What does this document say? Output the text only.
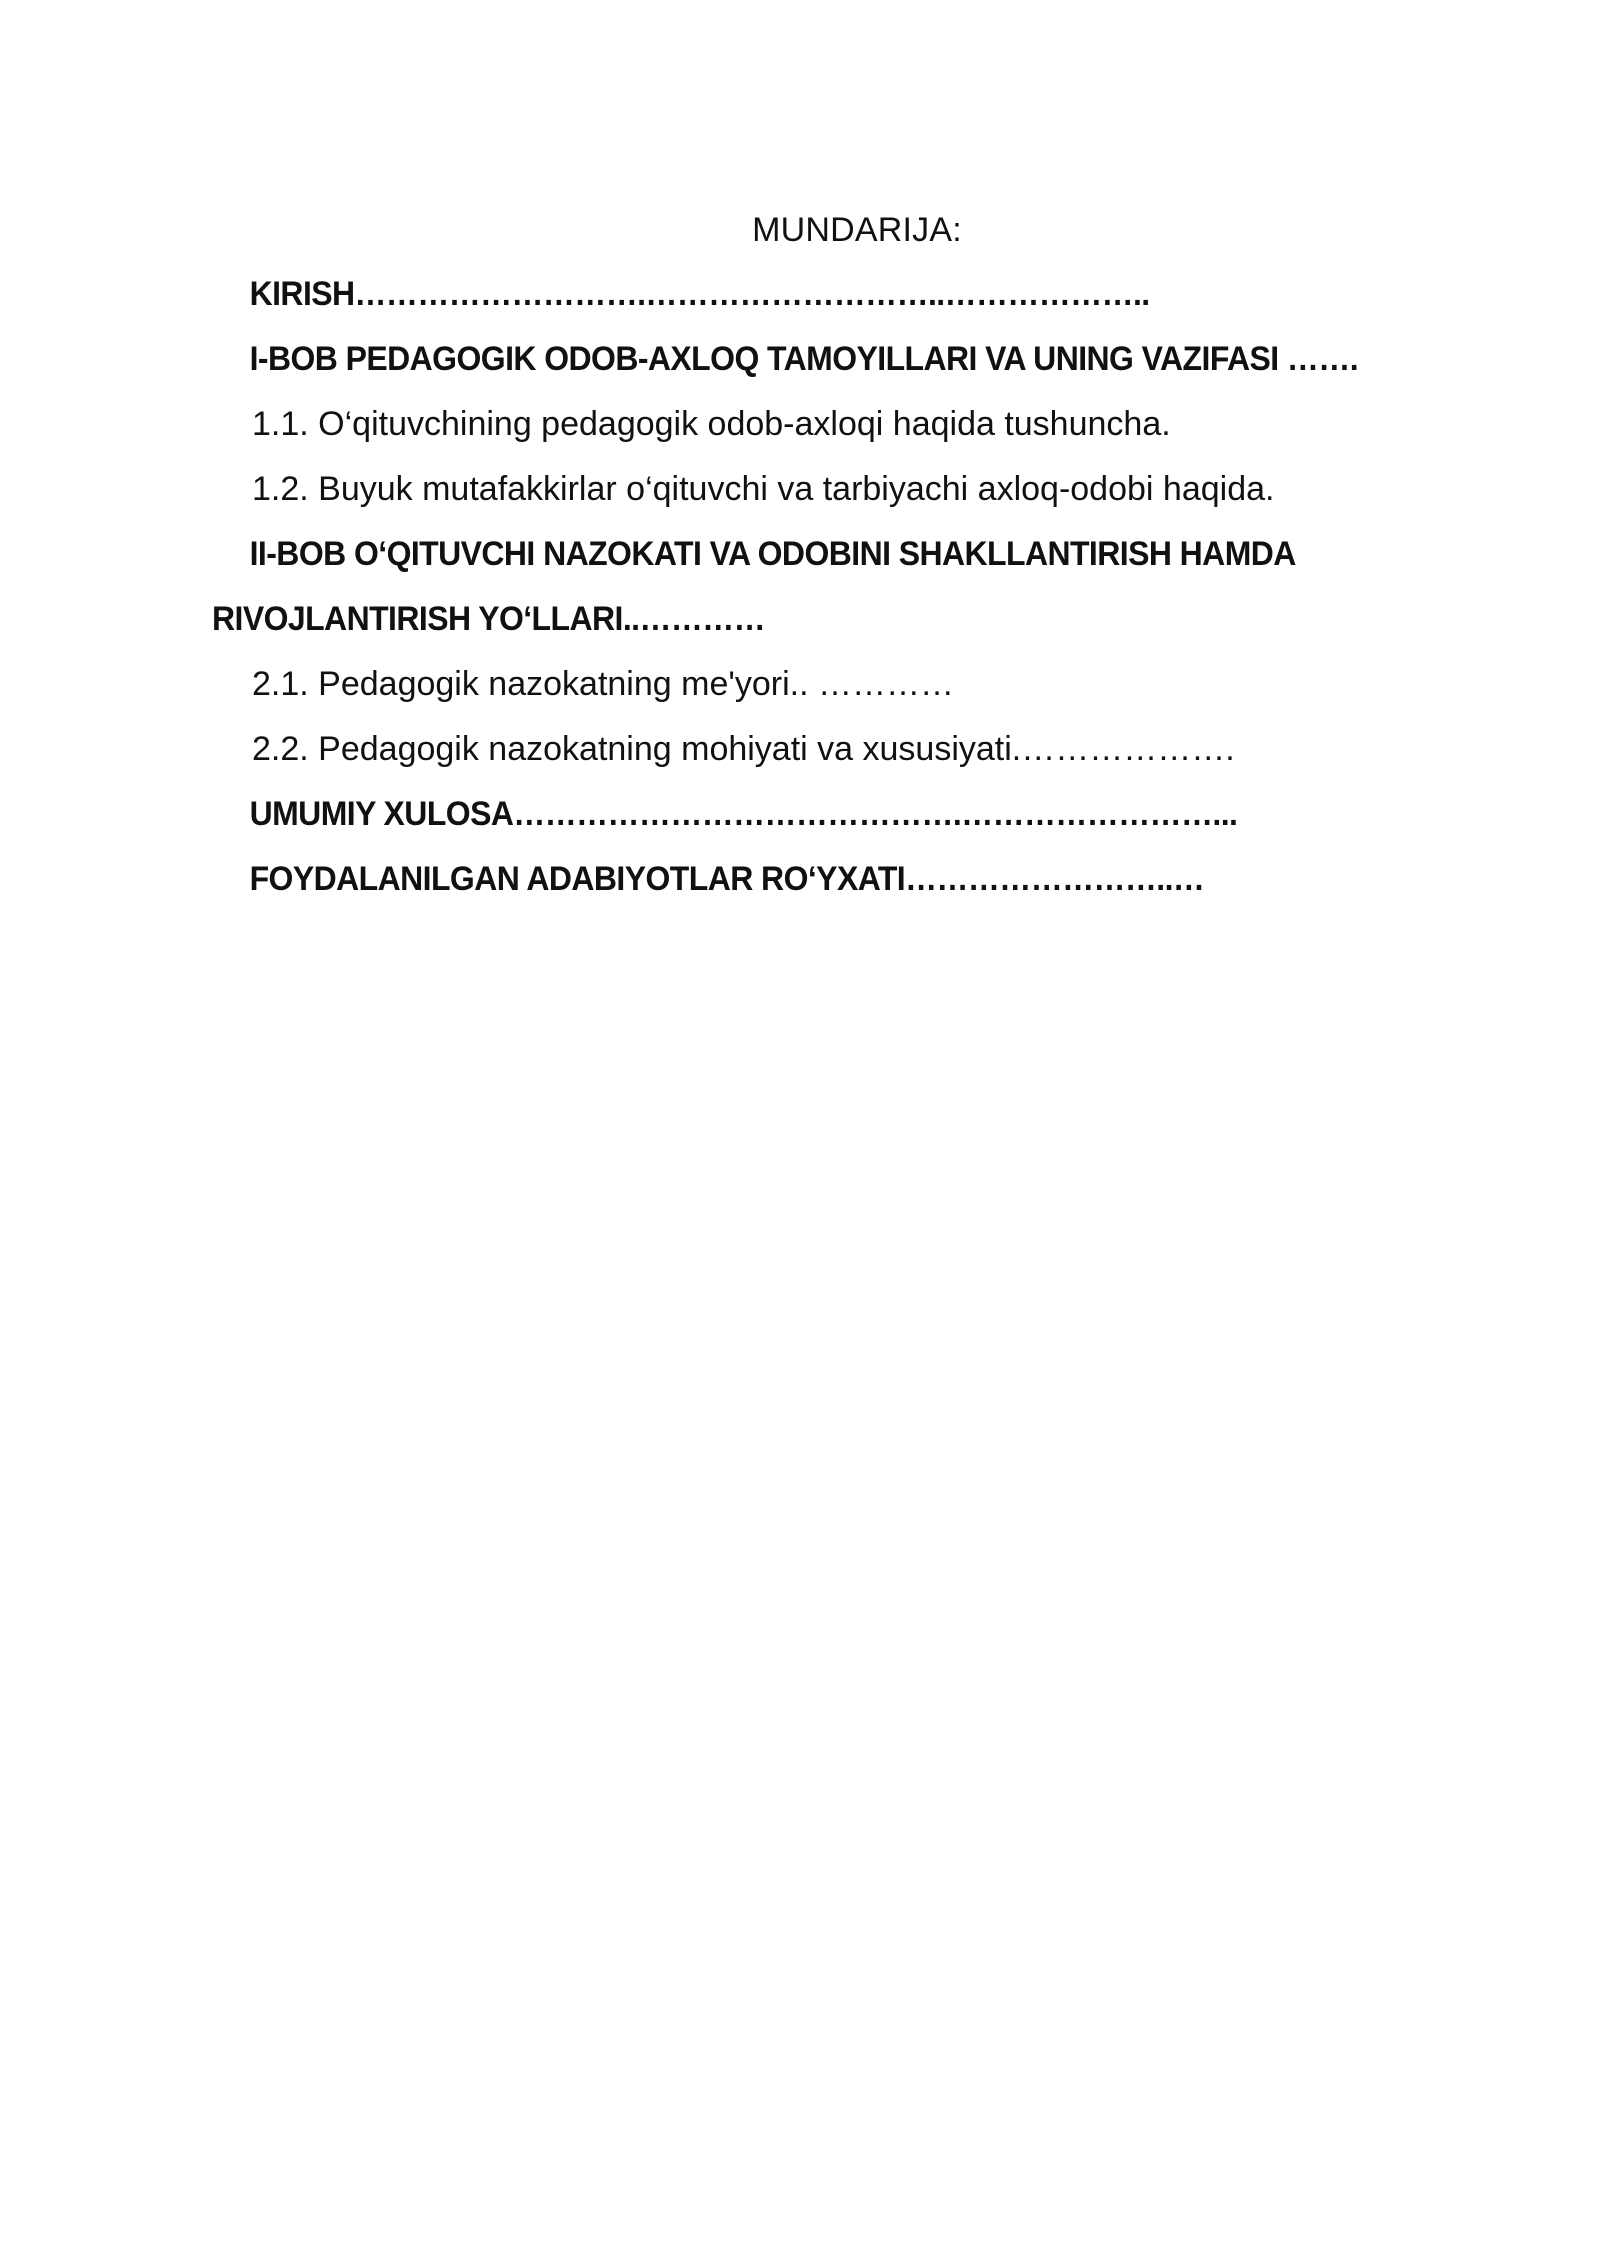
MUNDARIJA:

KIRISH……………………….………………………..………………..

I-BOB PEDAGOGIK ODOB-AXLOQ TAMOYILLARI VA UNING VAZIFASI …….

1.1. O‘qituvchining pedagogik odob-axloqi haqida tushuncha.

1.2. Buyuk mutafakkirlar o‘qituvchi va tarbiyachi axloq-odobi haqida.

II-BOB O‘QITUVCHI NAZOKATI VA ODOBINI SHAKLLANTIRISH HAMDA

RIVOJLANTIRISH YO‘LLARI..…………

2.1. Pedagogik nazokatning me'yori.. …………

2.2. Pedagogik nazokatning mohiyati va xususiyati.……………….

UMUMIY XULOSA…………………………………….……………………...

FOYDALANILGAN ADABIYOTLAR RO‘YXATI……………………..…
